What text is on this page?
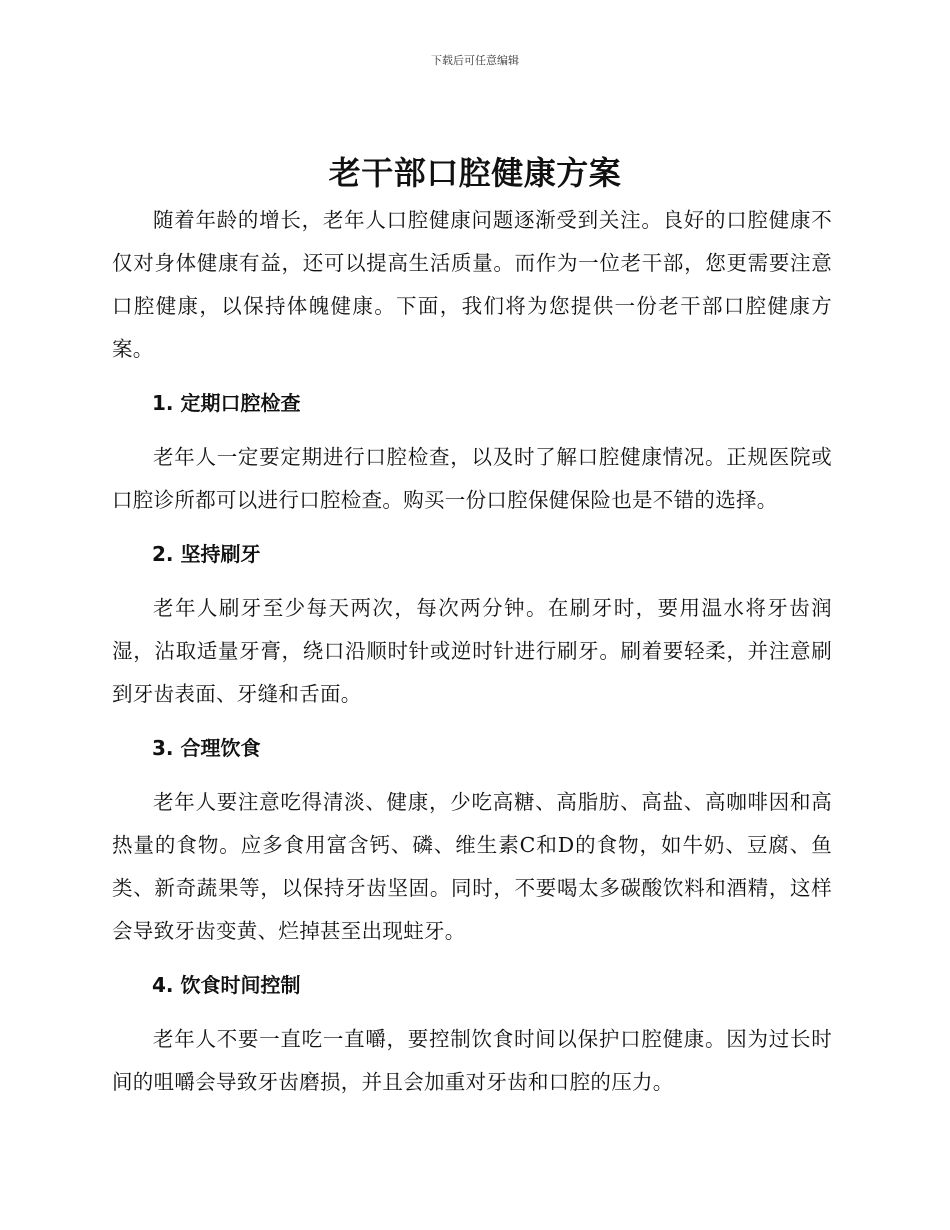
下载后可任意编辑
老干部口腔健康方案

随着年龄的增长，老年人口腔健康问题逐渐受到关注。良好的口腔健康不仅对身体健康有益，还可以提高生活质量。而作为一位老干部，您更需要注意口腔健康，以保持体魄健康。下面，我们将为您提供一份老干部口腔健康方案。

1. 定期口腔检查

老年人一定要定期进行口腔检查，以及时了解口腔健康情况。正规医院或口腔诊所都可以进行口腔检查。购买一份口腔保健保险也是不错的选择。

2. 坚持刷牙

老年人刷牙至少每天两次，每次两分钟。在刷牙时，要用温水将牙齿润湿，沾取适量牙膏，绕口沿顺时针或逆时针进行刷牙。刷着要轻柔，并注意刷到牙齿表面、牙缝和舌面。

3. 合理饮食

老年人要注意吃得清淡、健康，少吃高糖、高脂肪、高盐、高咖啡因和高热量的食物。应多食用富含钙、磷、维生素C和D的食物，如牛奶、豆腐、鱼类、新奇蔬果等，以保持牙齿坚固。同时，不要喝太多碳酸饮料和酒精，这样会导致牙齿变黄、烂掉甚至出现蛀牙。

4. 饮食时间控制

老年人不要一直吃一直嚼，要控制饮食时间以保护口腔健康。因为过长时间的咀嚼会导致牙齿磨损，并且会加重对牙齿和口腔的压力。
